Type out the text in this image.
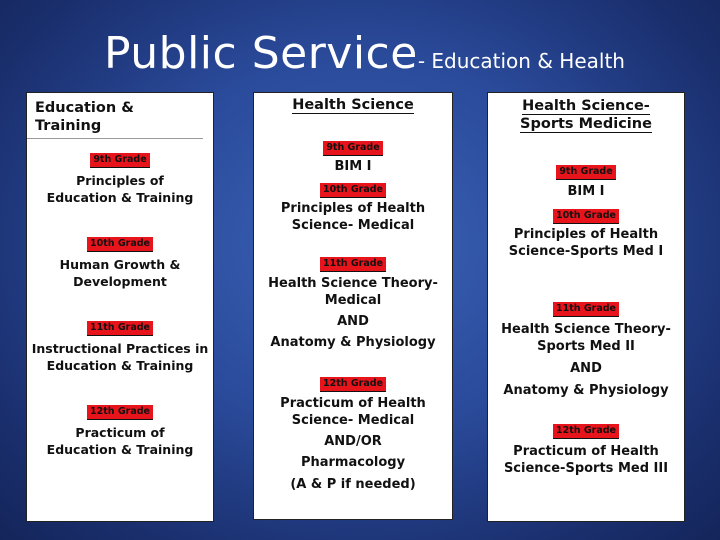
Public Service- Education & Health
Education & Training
9th Grade
Principles of Education & Training
10th Grade
Human Growth & Development
11th Grade
Instructional Practices in Education & Training
12th Grade
Practicum of Education & Training
Health Science
9th Grade
BIM I
10th Grade
Principles of Health Science- Medical
11th Grade
Health Science Theory- Medical
AND
Anatomy & Physiology
12th Grade
Practicum of Health Science- Medical
AND/OR
Pharmacology
(A & P if needed)
Health Science- Sports Medicine
9th Grade
BIM I
10th Grade
Principles of Health Science-Sports Med I
11th Grade
Health Science Theory- Sports Med II
AND
Anatomy & Physiology
12th Grade
Practicum of Health Science-Sports Med III
